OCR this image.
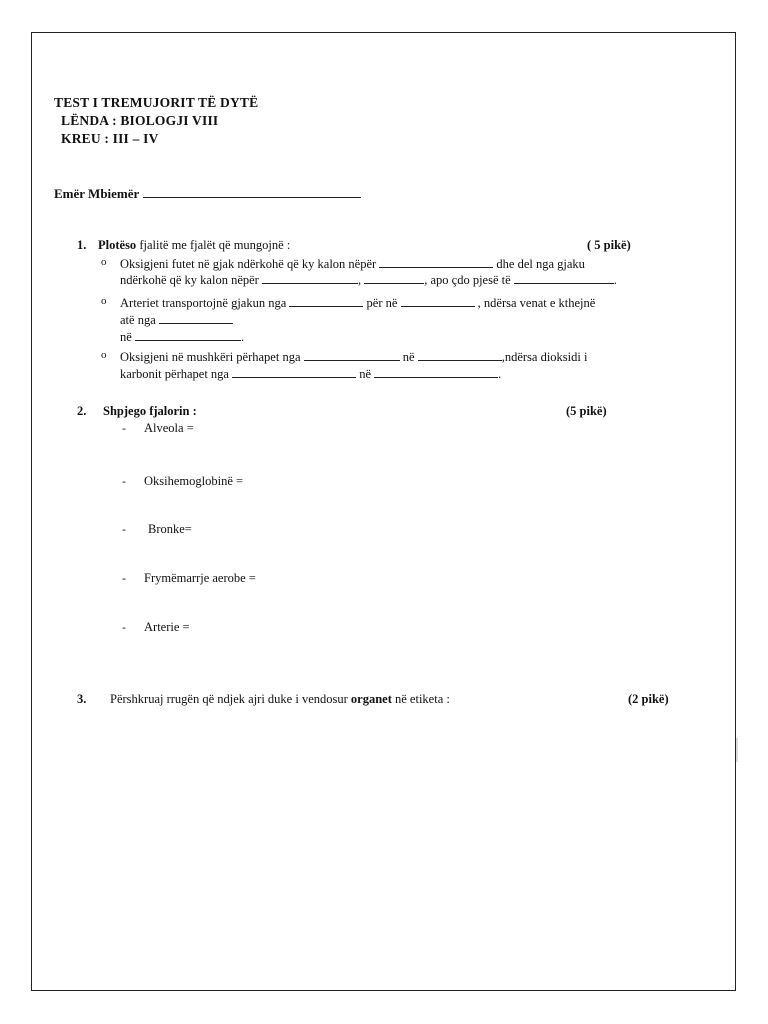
TEST I TREMUJORIT TË DYTË
LËNDA : BIOLOGJI VIII
KREU : III – IV
Emër Mbiemër
1. Plotëso fjalitë me fjalët që mungojnë :	( 5 pikë)
o Oksigjeni futet në gjak ndërkohë që ky kalon nëpër	dhe del nga gjaku
ndërkohë që ky kalon nëpër	,	, apo çdo pjesë të	.
o Arteriet transportojnë gjakun nga	për në	, ndërsa venat e kthejnë
atë nga
në	.
o Oksigjeni në mushkëri përhapet nga	në	,ndërsa dioksidi i
karbonit përhapet nga	në	.
2. Shpjego fjalorin :	(5 pikë)
- Alveola =
- Oksihemoglobinë =
- Bronke=
- Frymëmarrje aerobe =
- Arterie =
3. Përshkruaj rrugën që ndjek ajri duke i vendosur organet në etiketa :	(2 pikë)
